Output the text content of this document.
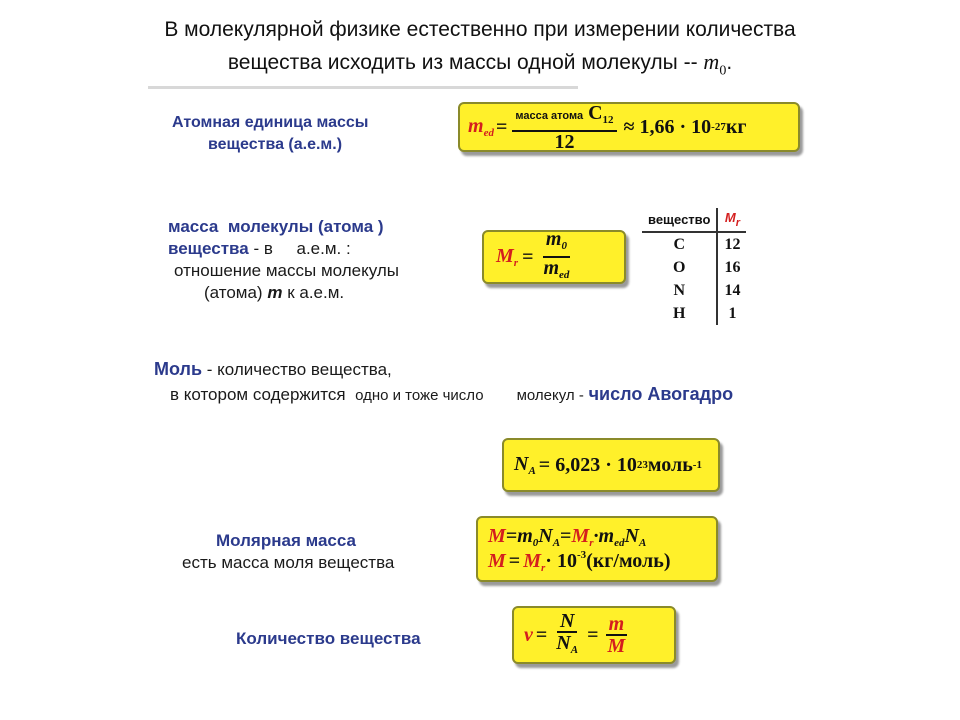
В молекулярной физике естественно при измерении количества
вещества исходить из массы одной молекулы -- $m_0$.
Атомная единица массы
вещества (а.е.м.)
$m_{ed} = \frac{масса атома C_{12}}{12} \approx 1,66 \cdot 10$ -27 кг
масса молекулы (атома )
вещества - в а.е.м. :
отношение массы молекулы
(атома) m к а.е.м.
$M_r = \frac{m_0}{m_{ed}}$
вещество	$M_r$
C	12
O	16
N	14
H	1
Моль - количество вещества,
в котором содержится одно и тоже число молекул - число Авогадро
$N_A = 6,023 \cdot 10$ 23 моль -1
Молярная масса
есть масса моля вещества
$M=m_0N_A=M_r\cdot m_{ed}N_A$
$M = M_r\cdot$ $10^{-3}(кг/моль)$
Количество вещества	$\nu = \frac{N}{N_A} = \frac{m}{M}$
